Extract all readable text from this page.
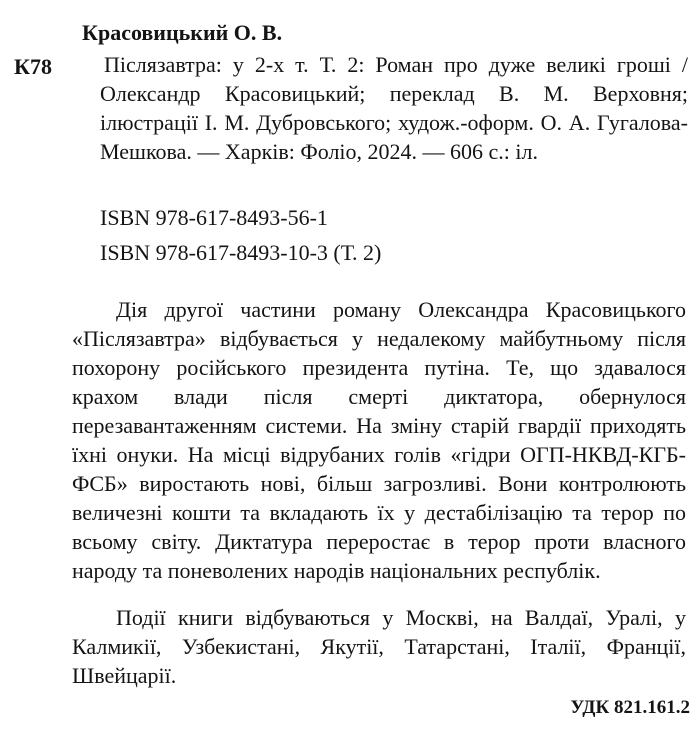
Красовицький О. В.
К78 Післязавтра: у 2-х т. Т. 2: Роман про дуже великі гроші / Олександр Красовицький; переклад В. М. Верховня; ілюстрації І. М. Дубровського; худож.-оформ. О. А. Гугалова-Мешкова. — Харків: Фоліо, 2024. — 606 с.: іл.
ISBN 978-617-8493-56-1
ISBN 978-617-8493-10-3 (Т. 2)

Дія другої частини роману Олександра Красовицького «Післязавтра» відбувається у недалекому майбутньому після похорону російського президента путіна. Те, що здавалося крахом влади після смерті диктатора, обернулося перезавантаженням системи. На зміну старій гвардії приходять їхні онуки. На місці відрубаних голів «гідри ОГП-НКВД-КГБ-ФСБ» виростають нові, більш загрозливі. Вони контролюють величезні кошти та вкладають їх у дестабілізацію та терор по всьому світу. Диктатура переростає в терор проти власного народу та поневолених народів національних республік.

Події книги відбуваються у Москві, на Валдаї, Уралі, у Калмикії, Узбекистані, Якутії, Татарстані, Італії, Франції, Швейцарії.

УДК 821.161.2
